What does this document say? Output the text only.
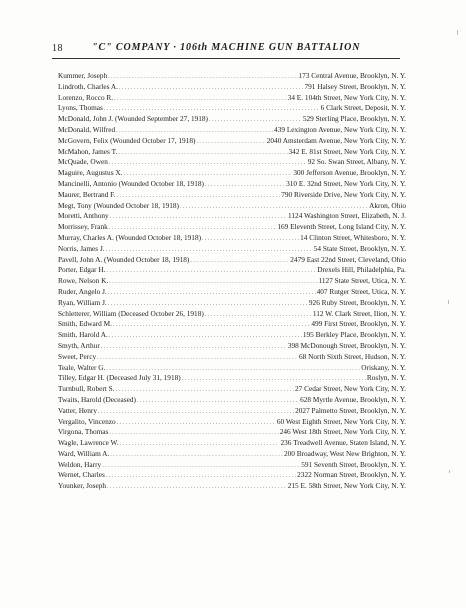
18	"C" COMPANY · 106th MACHINE GUN BATTALION
Kummer, Joseph . . .	173 Central Avenue, Brooklyn, N. Y.
Lindroth, Charles A. . . .	791 Halsey Street, Brooklyn, N. Y.
Lorenzo, Rocco R. . . .	34 E. 104th Street, New York City, N. Y.
Lyons, Thomas . . .	6 Clark Street, Deposit, N. Y.
McDonald, John J. (Wounded September 27, 1918) . . .	529 Sterling Place, Brooklyn, N. Y.
McDonald, Wilfred . . .	439 Lexington Avenue, New York City, N. Y.
McGovern, Felix (Wounded October 17, 1918) . . .	2040 Amsterdam Avenue, New York City, N. Y.
McMahon, James T. . . .	342 E. 81st Street, New York City, N. Y.
McQuade, Owen . . .	92 So. Swan Street, Albany, N. Y.
Maguire, Augustus X. . . .	300 Jefferson Avenue, Brooklyn, N. Y.
Mancinelli, Antonio (Wounded October 18, 1918) . . .	310 E. 32nd Street, New York City, N. Y.
Maurer, Bertrand F. . . .	790 Riverside Drive, New York City, N. Y.
Megt, Tony (Wounded October 18, 1918) . . .	Akron, Ohio
Moretti, Anthony . . .	1124 Washington Street, Elizabeth, N. J.
Morrissey, Frank . . .	169 Eleventh Street, Long Island City, N. Y.
Murray, Charles A. (Wounded October 18, 1918) . . .	14 Clinton Street, Whitesboro, N. Y.
Norris, James J. . . .	54 State Street, Brooklyn, N. Y.
Pavell, John A. (Wounded October 18, 1918) . . .	2479 East 22nd Street, Cleveland, Ohio
Porter, Edgar H. . . .	Drexels Hill, Philadelphia, Pa.
Rowe, Nelson K. . . .	1127 State Street, Utica, N. Y.
Ruder, Angelo J. . . .	407 Rutger Street, Utica, N. Y.
Ryan, William J. . . .	926 Ruby Street, Brooklyn, N. Y.
Schletterer, William (Deceased October 26, 1918) . . .	112 W. Clark Street, Ilion, N. Y.
Smith, Edward M. . . .	499 First Street, Brooklyn, N. Y.
Smith, Harold A. . . .	195 Berkley Place, Brooklyn, N. Y.
Smyth, Arthur . . .	398 McDonough Street, Brooklyn, N. Y.
Sweet, Percy . . .	68 North Sixth Street, Hudson, N. Y.
Teale, Walter G. . . .	Oriskany, N. Y.
Tilley, Edgar H. (Deceased July 31, 1918) . . .	Roslyn, N. Y.
Turnbull, Robert S. . . .	27 Cedar Street, New York City, N. Y.
Twaits, Harold (Deceased) . . .	628 Myrtle Avenue, Brooklyn, N. Y.
Vatter, Henry . . .	2027 Palmetto Street, Brooklyn, N. Y.
Vergalito, Vincenzo . . .	60 West Eighth Street, New York City, N. Y.
Virgona, Thomas . . .	246 West 18th Street, New York City, N. Y.
Wagle, Lawrence W. . . .	236 Treadwell Avenue, Staten Island, N. Y.
Ward, William A. . . .	200 Broadway, West New Brighton, N. Y.
Weldon, Harry . . .	591 Seventh Street, Brooklyn, N. Y.
Wernet, Charles . . .	2322 Norman Street, Brooklyn, N. Y.
Younker, Joseph . . .	215 E. 58th Street, New York City, N. Y.
